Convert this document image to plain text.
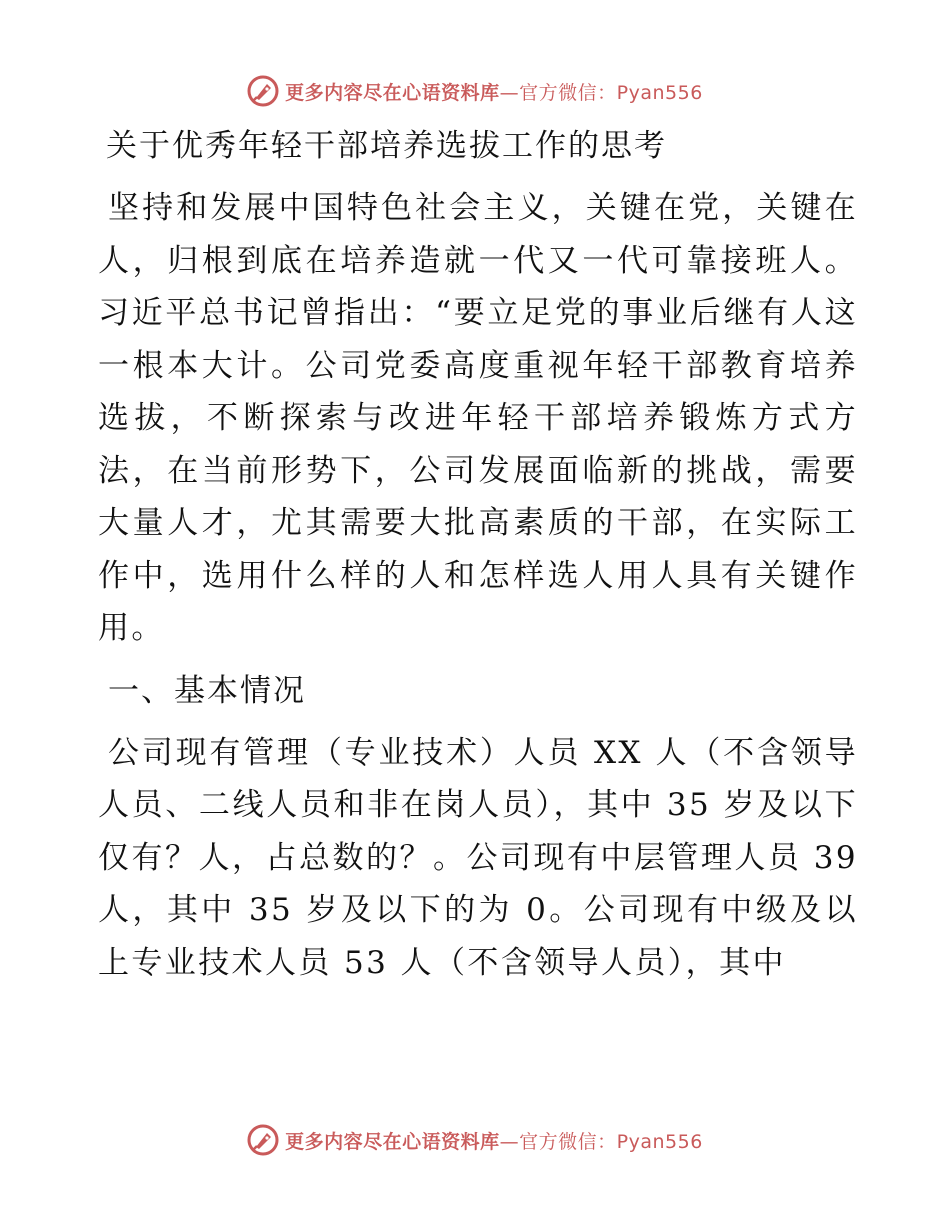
更多内容尽在心语资料库—官方微信：Pyan556
关于优秀年轻干部培养选拔工作的思考

坚持和发展中国特色社会主义，关键在党，关键在人，归根到底在培养造就一代又一代可靠接班人。习近平总书记曾指出：“要立足党的事业后继有人这一根本大计。公司党委高度重视年轻干部教育培养选拔，不断探索与改进年轻干部培养锻炼方式方法，在当前形势下，公司发展面临新的挑战，需要大量人才，尤其需要大批高素质的干部，在实际工作中，选用什么样的人和怎样选人用人具有关键作用。

一、基本情况

公司现有管理（专业技术）人员 XX 人（不含领导人员、二线人员和非在岗人员），其中 35 岁及以下仅有？人，占总数的？。公司现有中层管理人员 39 人，其中 35 岁及以下的为 0。公司现有中级及以上专业技术人员 53 人（不含领导人员），其中

更多内容尽在心语资料库—官方微信：Pyan556
